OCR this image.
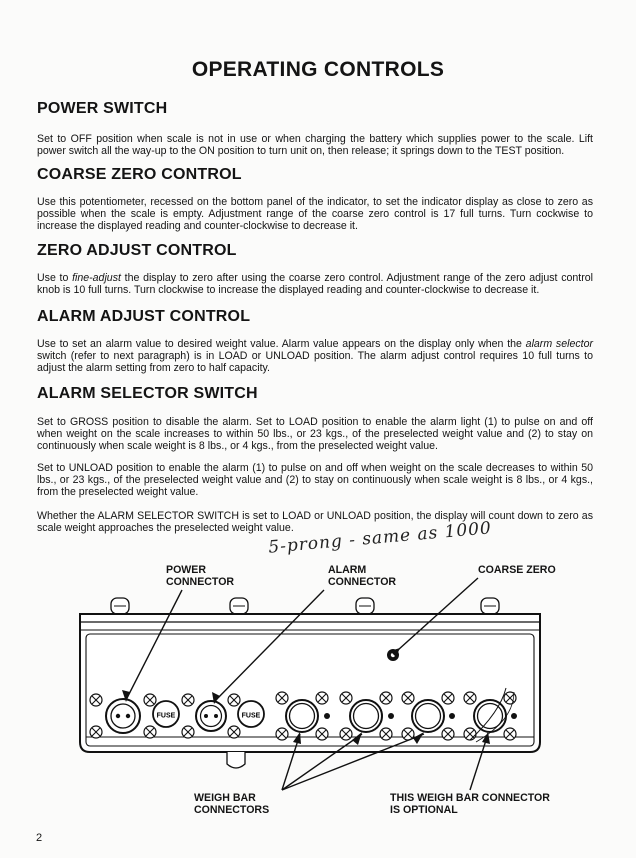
OPERATING CONTROLS
POWER SWITCH
Set to OFF position when scale is not in use or when charging the battery which supplies power to the scale. Lift power switch all the way-up to the ON position to turn unit on, then release; it springs down to the TEST position.
COARSE ZERO CONTROL
Use this potentiometer, recessed on the bottom panel of the indicator, to set the indicator display as close to zero as possible when the scale is empty. Adjustment range of the coarse zero control is 17 full turns. Turn cockwise to increase the displayed reading and counter-clockwise to decrease it.
ZERO ADJUST CONTROL
Use to fine-adjust the display to zero after using the coarse zero control. Adjustment range of the zero adjust control knob is 10 full turns. Turn clockwise to increase the displayed reading and counter-clockwise to decrease it.
ALARM ADJUST CONTROL
Use to set an alarm value to desired weight value. Alarm value appears on the display only when the alarm selector switch (refer to next paragraph) is in LOAD or UNLOAD position. The alarm adjust control requires 10 full turns to adjust the alarm setting from zero to half capacity.
ALARM SELECTOR SWITCH
Set to GROSS position to disable the alarm. Set to LOAD position to enable the alarm light (1) to pulse on and off when weight on the scale increases to within 50 lbs., or 23 kgs., of the preselected weight value and (2) to stay on continuously when scale weight is 8 lbs., or 4 kgs., from the preselected weight value.
Set to UNLOAD position to enable the alarm (1) to pulse on and off when weight on the scale decreases to within 50 lbs., or 23 kgs., of the preselected weight value and (2) to stay on continuously when scale weight is 8 lbs., or 4 kgs., from the preselected weight value.
Whether the ALARM SELECTOR SWITCH is set to LOAD or UNLOAD position, the display will count down to zero as scale weight approaches the preselected weight value.
FUSE	FUSE
POWER
CONNECTOR
ALARM
CONNECTOR
COARSE ZERO
WEIGH BAR
CONNECTORS
THIS WEIGH BAR CONNECTOR
IS OPTIONAL
5-prong - same as 1000
2
